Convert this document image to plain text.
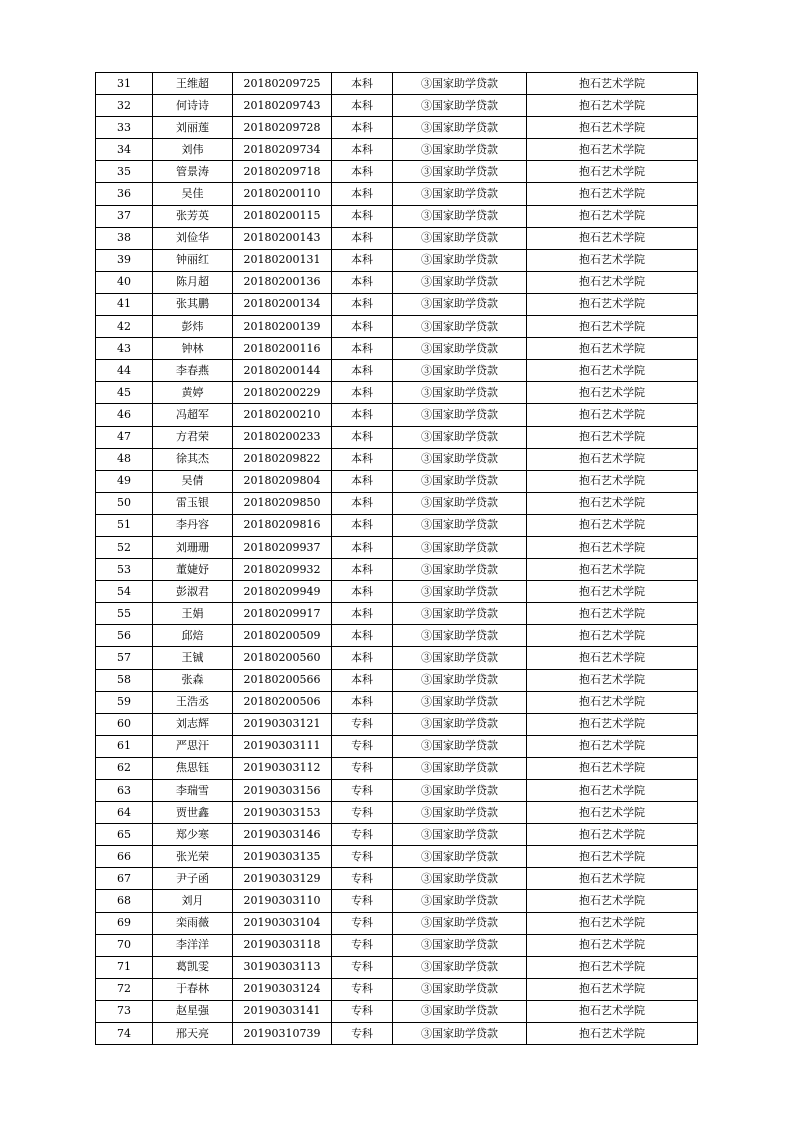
31	王维超	20180209725	本科	③国家助学贷款	抱石艺术学院
32	何诗诗	20180209743	本科	③国家助学贷款	抱石艺术学院
33	刘丽莲	20180209728	本科	③国家助学贷款	抱石艺术学院
34	刘伟	20180209734	本科	③国家助学贷款	抱石艺术学院
35	管景涛	20180209718	本科	③国家助学贷款	抱石艺术学院
36	吴佳	20180200110	本科	③国家助学贷款	抱石艺术学院
37	张芳英	20180200115	本科	③国家助学贷款	抱石艺术学院
38	刘俭华	20180200143	本科	③国家助学贷款	抱石艺术学院
39	钟丽红	20180200131	本科	③国家助学贷款	抱石艺术学院
40	陈月超	20180200136	本科	③国家助学贷款	抱石艺术学院
41	张其鹏	20180200134	本科	③国家助学贷款	抱石艺术学院
42	彭炜	20180200139	本科	③国家助学贷款	抱石艺术学院
43	钟林	20180200116	本科	③国家助学贷款	抱石艺术学院
44	李春燕	20180200144	本科	③国家助学贷款	抱石艺术学院
45	黄婷	20180200229	本科	③国家助学贷款	抱石艺术学院
46	冯超军	20180200210	本科	③国家助学贷款	抱石艺术学院
47	方君荣	20180200233	本科	③国家助学贷款	抱石艺术学院
48	徐其杰	20180209822	本科	③国家助学贷款	抱石艺术学院
49	吴倩	20180209804	本科	③国家助学贷款	抱石艺术学院
50	雷玉银	20180209850	本科	③国家助学贷款	抱石艺术学院
51	李丹容	20180209816	本科	③国家助学贷款	抱石艺术学院
52	刘珊珊	20180209937	本科	③国家助学贷款	抱石艺术学院
53	董婕妤	20180209932	本科	③国家助学贷款	抱石艺术学院
54	彭淑君	20180209949	本科	③国家助学贷款	抱石艺术学院
55	王娟	20180209917	本科	③国家助学贷款	抱石艺术学院
56	邱焙	20180200509	本科	③国家助学贷款	抱石艺术学院
57	王铖	20180200560	本科	③国家助学贷款	抱石艺术学院
58	张森	20180200566	本科	③国家助学贷款	抱石艺术学院
59	王浩丞	20180200506	本科	③国家助学贷款	抱石艺术学院
60	刘志辉	20190303121	专科	③国家助学贷款	抱石艺术学院
61	严思汗	20190303111	专科	③国家助学贷款	抱石艺术学院
62	焦思钰	20190303112	专科	③国家助学贷款	抱石艺术学院
63	李瑞雪	20190303156	专科	③国家助学贷款	抱石艺术学院
64	贾世鑫	20190303153	专科	③国家助学贷款	抱石艺术学院
65	郑少寒	20190303146	专科	③国家助学贷款	抱石艺术学院
66	张光荣	20190303135	专科	③国家助学贷款	抱石艺术学院
67	尹子函	20190303129	专科	③国家助学贷款	抱石艺术学院
68	刘月	20190303110	专科	③国家助学贷款	抱石艺术学院
69	栾雨薇	20190303104	专科	③国家助学贷款	抱石艺术学院
70	李洋洋	20190303118	专科	③国家助学贷款	抱石艺术学院
71	葛凯雯	30190303113	专科	③国家助学贷款	抱石艺术学院
72	于春林	20190303124	专科	③国家助学贷款	抱石艺术学院
73	赵星强	20190303141	专科	③国家助学贷款	抱石艺术学院
74	邢天亮	20190310739	专科	③国家助学贷款	抱石艺术学院
